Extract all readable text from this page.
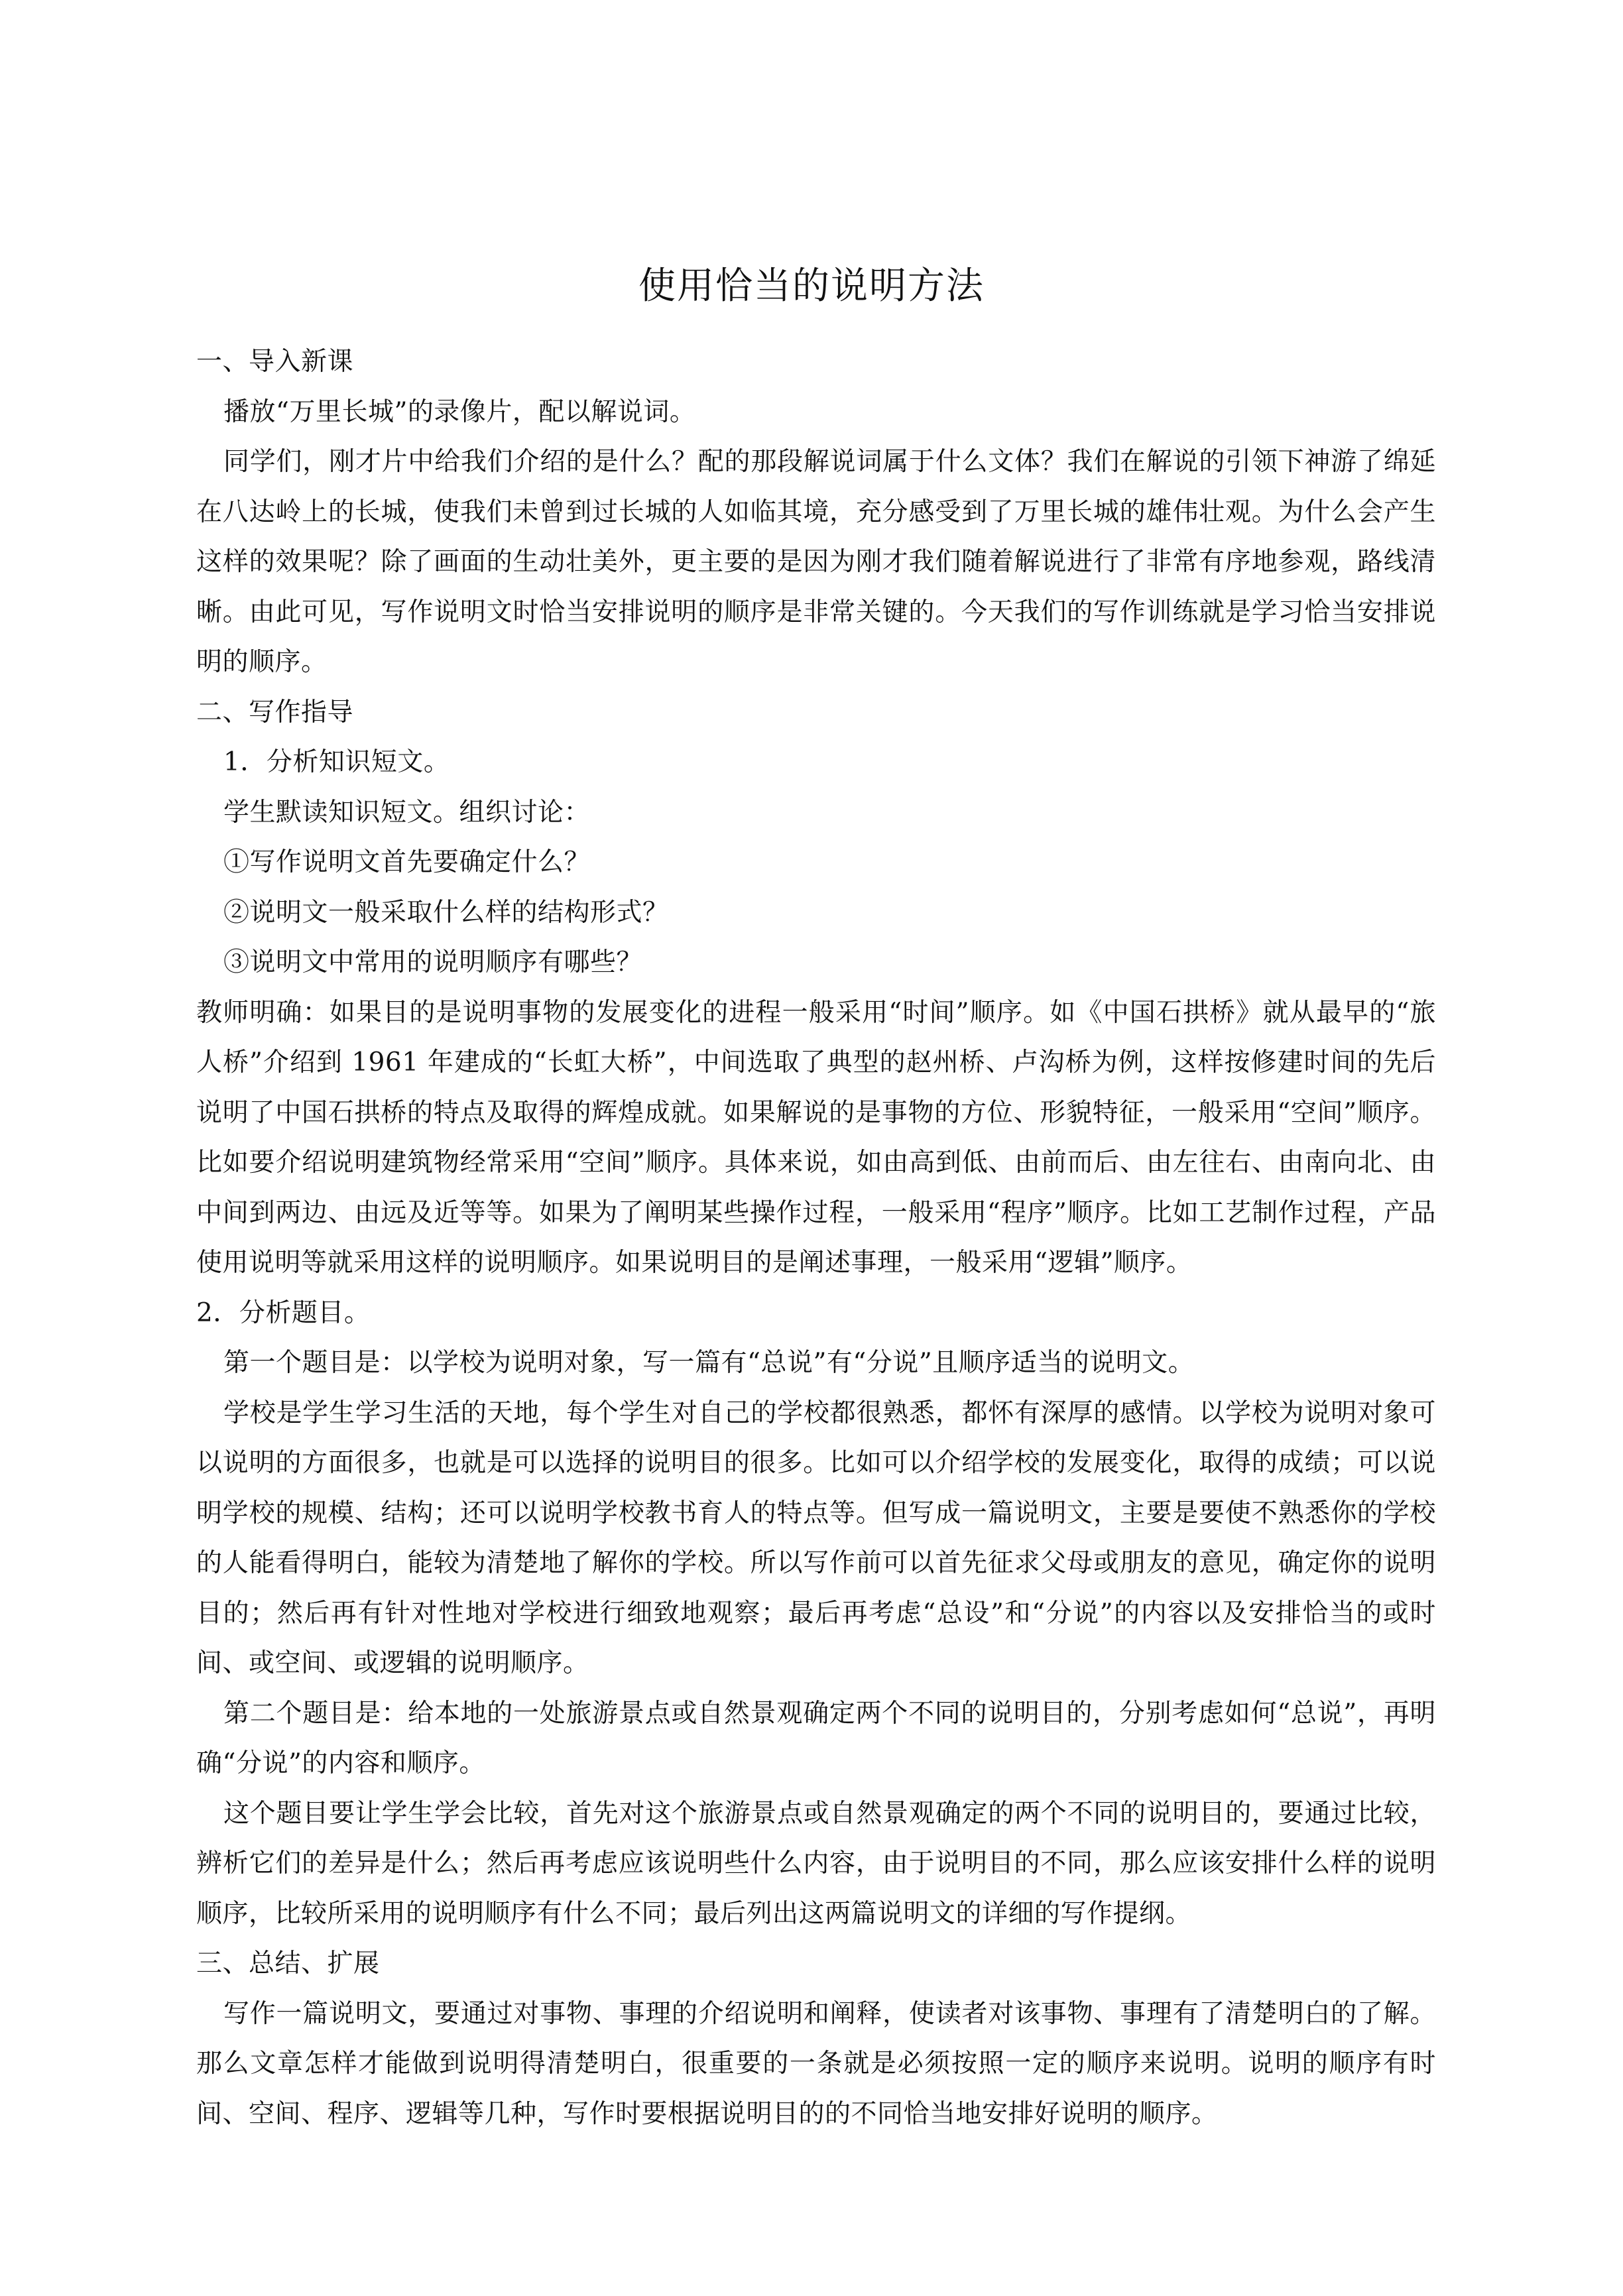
使用恰当的说明方法

一、导入新课

播放“万里长城”的录像片，配以解说词。

同学们，刚才片中给我们介绍的是什么？配的那段解说词属于什么文体？我们在解说的引领下神游了绵延在八达岭上的长城，使我们未曾到过长城的人如临其境，充分感受到了万里长城的雄伟壮观。为什么会产生这样的效果呢？除了画面的生动壮美外，更主要的是因为刚才我们随着解说进行了非常有序地参观，路线清晰。由此可见，写作说明文时恰当安排说明的顺序是非常关键的。今天我们的写作训练就是学习恰当安排说明的顺序。

二、写作指导

1．分析知识短文。

学生默读知识短文。组织讨论：

①写作说明文首先要确定什么？

②说明文一般采取什么样的结构形式？

③说明文中常用的说明顺序有哪些？

教师明确：如果目的是说明事物的发展变化的进程一般采用“时间”顺序。如《中国石拱桥》就从最早的“旅人桥”介绍到 1961 年建成的“长虹大桥”，中间选取了典型的赵州桥、卢沟桥为例，这样按修建时间的先后说明了中国石拱桥的特点及取得的辉煌成就。如果解说的是事物的方位、形貌特征，一般采用“空间”顺序。比如要介绍说明建筑物经常采用“空间”顺序。具体来说，如由高到低、由前而后、由左往右、由南向北、由中间到两边、由远及近等等。如果为了阐明某些操作过程，一般采用“程序”顺序。比如工艺制作过程，产品使用说明等就采用这样的说明顺序。如果说明目的是阐述事理，一般采用“逻辑”顺序。

2．分析题目。

第一个题目是：以学校为说明对象，写一篇有“总说”有“分说”且顺序适当的说明文。

学校是学生学习生活的天地，每个学生对自己的学校都很熟悉，都怀有深厚的感情。以学校为说明对象可以说明的方面很多，也就是可以选择的说明目的很多。比如可以介绍学校的发展变化，取得的成绩；可以说明学校的规模、结构；还可以说明学校教书育人的特点等。但写成一篇说明文，主要是要使不熟悉你的学校的人能看得明白，能较为清楚地了解你的学校。所以写作前可以首先征求父母或朋友的意见，确定你的说明目的；然后再有针对性地对学校进行细致地观察；最后再考虑“总设”和“分说”的内容以及安排恰当的或时间、或空间、或逻辑的说明顺序。

第二个题目是：给本地的一处旅游景点或自然景观确定两个不同的说明目的，分别考虑如何“总说”，再明确“分说”的内容和顺序。

这个题目要让学生学会比较，首先对这个旅游景点或自然景观确定的两个不同的说明目的，要通过比较，辨析它们的差异是什么；然后再考虑应该说明些什么内容，由于说明目的不同，那么应该安排什么样的说明顺序，比较所采用的说明顺序有什么不同；最后列出这两篇说明文的详细的写作提纲。

三、总结、扩展

写作一篇说明文，要通过对事物、事理的介绍说明和阐释，使读者对该事物、事理有了清楚明白的了解。那么文章怎样才能做到说明得清楚明白，很重要的一条就是必须按照一定的顺序来说明。说明的顺序有时间、空间、程序、逻辑等几种，写作时要根据说明目的的不同恰当地安排好说明的顺序。
